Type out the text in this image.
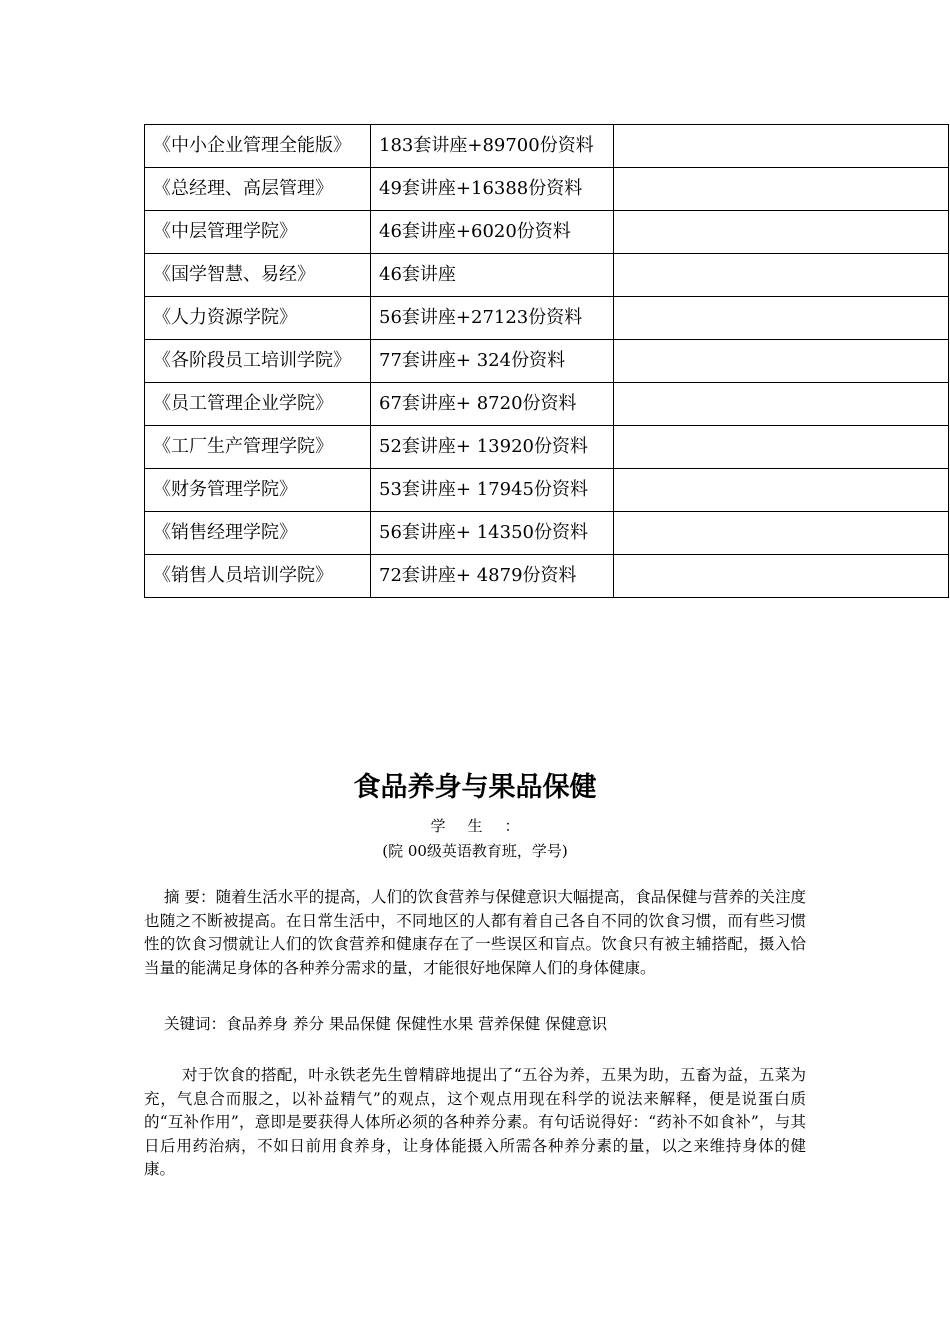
《中小企业管理全能版》	183套讲座+89700份资料	
《总经理、高层管理》	49套讲座+16388份资料	
《中层管理学院》	46套讲座+6020份资料	
《国学智慧、易经》	46套讲座	
《人力资源学院》	56套讲座+27123份资料	
《各阶段员工培训学院》	77套讲座+ 324份资料	
《员工管理企业学院》	67套讲座+ 8720份资料	
《工厂生产管理学院》	52套讲座+ 13920份资料	
《财务管理学院》	53套讲座+ 17945份资料	
《销售经理学院》	56套讲座+ 14350份资料	
《销售人员培训学院》	72套讲座+ 4879份资料	
食品养身与果品保健
学生：
(院 00级英语教育班，学号)

摘 要：随着生活水平的提高，人们的饮食营养与保健意识大幅提高，食品保健与营养的关注度也随之不断被提高。在日常生活中，不同地区的人都有着自己各自不同的饮食习惯，而有些习惯性的饮食习惯就让人们的饮食营养和健康存在了一些误区和盲点。饮食只有被主辅搭配，摄入恰当量的能满足身体的各种养分需求的量，才能很好地保障人们的身体健康。

关键词：食品养身 养分 果品保健 保健性水果 营养保健 保健意识

对于饮食的搭配，叶永铁老先生曾精辟地提出了“五谷为养，五果为助，五畜为益，五菜为充，气息合而服之，以补益精气”的观点，这个观点用现在科学的说法来解释，便是说蛋白质的“互补作用”，意即是要获得人体所必须的各种养分素。有句话说得好：“药补不如食补”，与其日后用药治病，不如日前用食养身，让身体能摄入所需各种养分素的量，以之来维持身体的健康。
